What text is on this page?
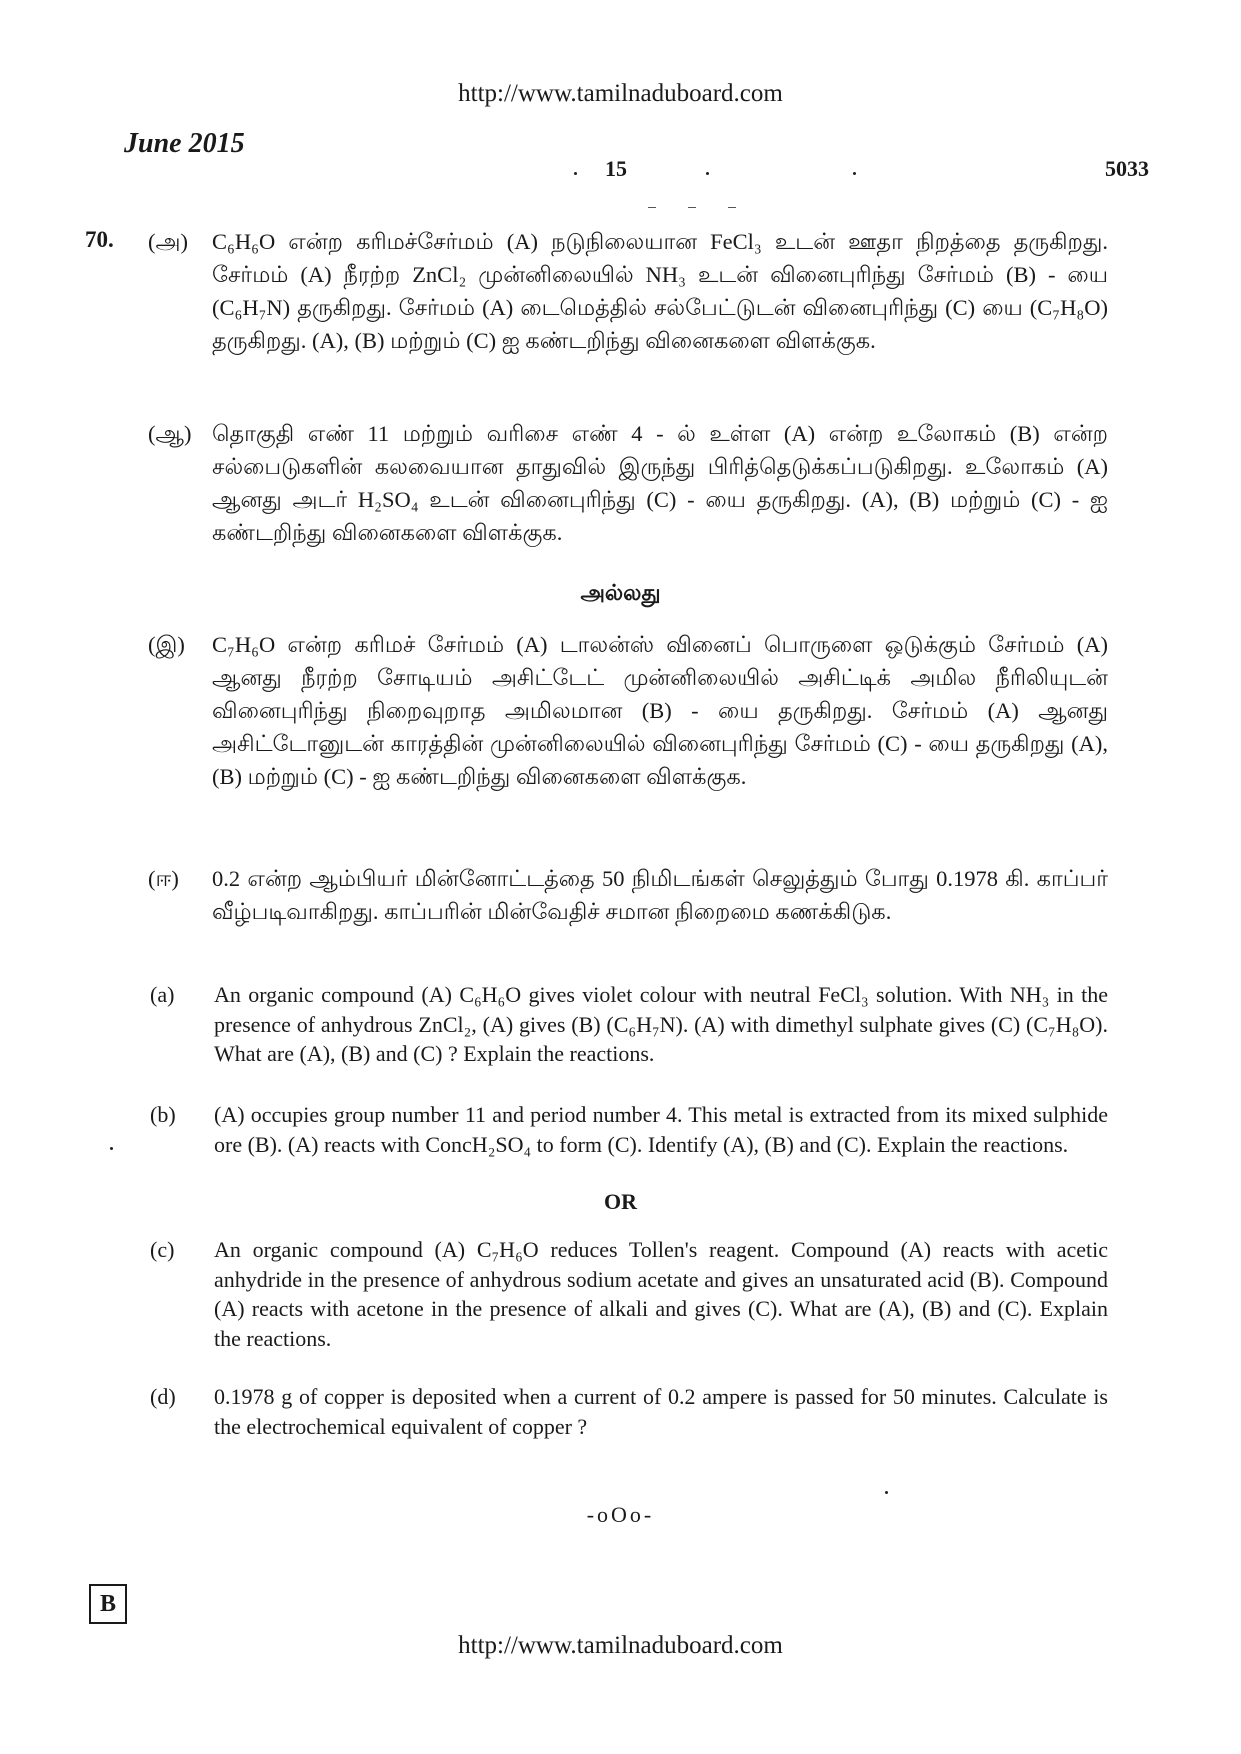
http://www.tamilnaduboard.com
June 2015
15	5033
70. (அ)	C₆H₆O என்ற கரிமச்சேர்மம் (A) நடுநிலையான FeCl₃ உடன் ஊதா நிறத்தை தருகிறது. சேர்மம் (A) நீரற்ற ZnCl₂ முன்னிலையில் NH₃ உடன் வினைபுரிந்து சேர்மம் (B) - யை (C₆H₇N) தருகிறது. சேர்மம் (A) டைமெத்தில் சல்பேட்டுடன் வினைபுரிந்து (C) யை (C₇H₈O) தருகிறது. (A), (B) மற்றும் (C) ஐ கண்டறிந்து வினைகளை விளக்குக.
(ஆ) தொகுதி எண் 11 மற்றும் வரிசை எண் 4 - ல் உள்ள (A) என்ற உலோகம் (B) என்ற சல்பைடுகளின் கலவையான தாதுவில் இருந்து பிரித்தெடுக்கப்படுகிறது. உலோகம் (A) ஆனது அடர் H₂SO₄ உடன் வினைபுரிந்து (C) - யை தருகிறது. (A), (B) மற்றும் (C) - ஐ கண்டறிந்து வினைகளை விளக்குக.
அல்லது
(இ)	C₇H₆O என்ற கரிமச் சேர்மம் (A) டாலன்ஸ் வினைப் பொருளை ஒடுக்கும் சேர்மம் (A) ஆனது நீரற்ற சோடியம் அசிட்டேட் முன்னிலையில் அசிட்டிக் அமில நீரிலியுடன் வினைபுரிந்து நிறைவுறாத அமிலமான (B) - யை தருகிறது. சேர்மம் (A) ஆனது அசிட்டோனுடன் காரத்தின் முன்னிலையில் வினைபுரிந்து சேர்மம் (C) - யை தருகிறது (A), (B) மற்றும் (C) - ஐ கண்டறிந்து வினைகளை விளக்குக.
(ஈ)	0.2 என்ற ஆம்பியர் மின்னோட்டத்தை 50 நிமிடங்கள் செலுத்தும் போது 0.1978 கி. காப்பர் வீழ்படிவாகிறது. காப்பரின் மின்வேதிச் சமான நிறைமை கணக்கிடுக.
(a)	An organic compound (A) C₆H₆O gives violet colour with neutral FeCl₃ solution. With NH₃ in the presence of anhydrous ZnCl₂, (A) gives (B) (C₆H₇N). (A) with dimethyl sulphate gives (C) (C₇H₈O). What are (A), (B) and (C) ? Explain the reactions.
(b)	(A) occupies group number 11 and period number 4. This metal is extracted from its mixed sulphide ore (B). (A) reacts with ConcH₂SO₄ to form (C). Identify (A), (B) and (C). Explain the reactions.
OR
(c)	An organic compound (A) C₇H₆O reduces Tollen's reagent. Compound (A) reacts with acetic anhydride in the presence of anhydrous sodium acetate and gives an unsaturated acid (B). Compound (A) reacts with acetone in the presence of alkali and gives (C). What are (A), (B) and (C). Explain the reactions.
(d)	0.1978 g of copper is deposited when a current of 0.2 ampere is passed for 50 minutes. Calculate is the electrochemical equivalent of copper ?
-oOo-
B
http://www.tamilnaduboard.com
